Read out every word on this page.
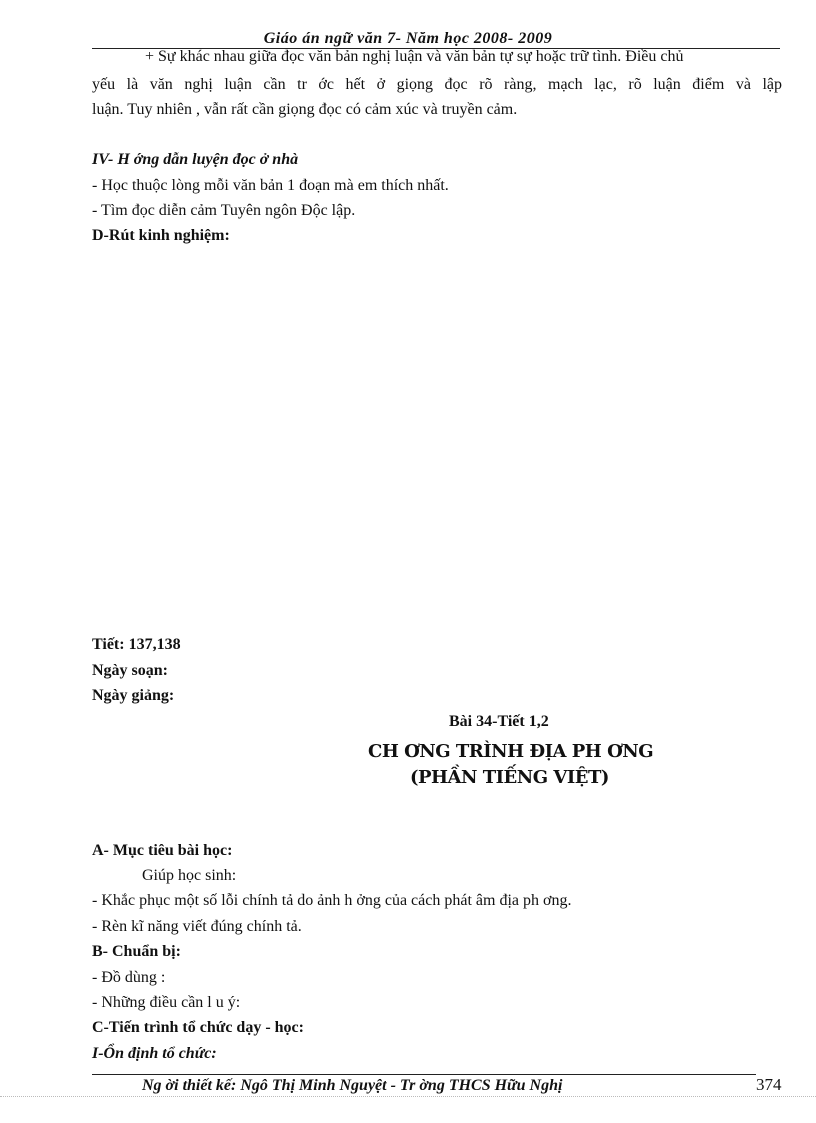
Giáo án ngữ văn 7- Năm học 2008- 2009
+ Sự khác nhau giữa đọc văn bản nghị luận và văn bản tự sự hoặc trữ tình. Điều chủ
yếu là văn nghị luận cần tr ớc hết ở giọng đọc rõ ràng, mạch lạc, rõ luận điểm và lập
luận. Tuy nhiên , vẫn rất cần giọng đọc có cảm xúc và truyền cảm.
IV- H ớng dẫn luyện đọc ở nhà
- Học thuộc lòng mỗi văn bản 1 đoạn mà em thích nhất.
- Tìm đọc diễn cảm Tuyên ngôn Độc lập.
D-Rút kinh nghiệm:
Tiết: 137,138
Ngày soạn:
Ngày giảng:
Bài 34-Tiết 1,2
CH ƠNG TRÌNH ĐỊA PH ƠNG
(PHẦN TIẾNG VIỆT)
A- Mục tiêu bài học:
Giúp học sinh:
- Khắc phục một số lỗi chính tả do ảnh h ởng của cách phát âm địa ph ơng.
- Rèn kĩ năng viết đúng chính tả.
B- Chuẩn bị:
- Đồ dùng :
- Những điều cần l u ý:
C-Tiến trình tổ chức dạy - học:
I-Ổn định tổ chức:
Ng ời thiết kế: Ngô Thị Minh Nguyệt - Tr ờng THCS Hữu Nghị	374
